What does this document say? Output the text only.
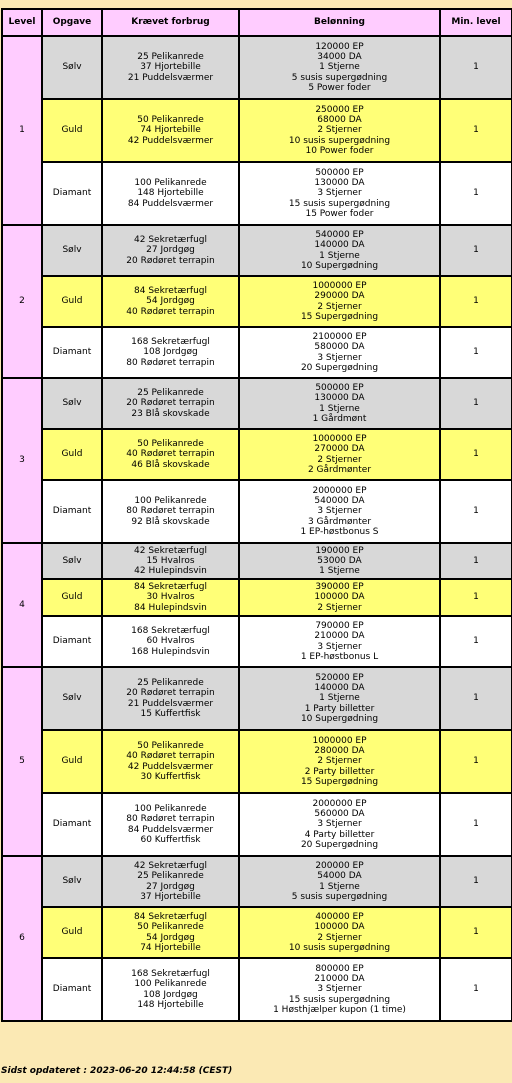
Level	Opgave	Krævet forbrug	Belønning	Min. level
1	Sølv	25 Pelikanrede
37 Hjortebille
21 Puddelsværmer	120000 EP
34000 DA
1 Stjerne
5 susis supergødning
5 Power foder	1
	Guld	50 Pelikanrede
74 Hjortebille
42 Puddelsværmer	250000 EP
68000 DA
2 Stjerner
10 susis supergødning
10 Power foder	1
	Diamant	100 Pelikanrede
148 Hjortebille
84 Puddelsværmer	500000 EP
130000 DA
3 Stjerner
15 susis supergødning
15 Power foder	1
2	Sølv	42 Sekretærfugl
27 Jordgøg
20 Rødøret terrapin	540000 EP
140000 DA
1 Stjerne
10 Supergødning	1
	Guld	84 Sekretærfugl
54 Jordgøg
40 Rødøret terrapin	1000000 EP
290000 DA
2 Stjerner
15 Supergødning	1
	Diamant	168 Sekretærfugl
108 Jordgøg
80 Rødøret terrapin	2100000 EP
580000 DA
3 Stjerner
20 Supergødning	1
3	Sølv	25 Pelikanrede
20 Rødøret terrapin
23 Blå skovskade	500000 EP
130000 DA
1 Stjerne
1 Gårdmønt	1
	Guld	50 Pelikanrede
40 Rødøret terrapin
46 Blå skovskade	1000000 EP
270000 DA
2 Stjerner
2 Gårdmønter	1
	Diamant	100 Pelikanrede
80 Rødøret terrapin
92 Blå skovskade	2000000 EP
540000 DA
3 Stjerner
3 Gårdmønter
1 EP-høstbonus S	1
4	Sølv	42 Sekretærfugl
15 Hvalros
42 Hulepindsvin	190000 EP
53000 DA
1 Stjerne	1
	Guld	84 Sekretærfugl
30 Hvalros
84 Hulepindsvin	390000 EP
100000 DA
2 Stjerner	1
	Diamant	168 Sekretærfugl
60 Hvalros
168 Hulepindsvin	790000 EP
210000 DA
3 Stjerner
1 EP-høstbonus L	1
5	Sølv	25 Pelikanrede
20 Rødøret terrapin
21 Puddelsværmer
15 Kuffertfisk	520000 EP
140000 DA
1 Stjerne
1 Party billetter
10 Supergødning	1
	Guld	50 Pelikanrede
40 Rødøret terrapin
42 Puddelsværmer
30 Kuffertfisk	1000000 EP
280000 DA
2 Stjerner
2 Party billetter
15 Supergødning	1
	Diamant	100 Pelikanrede
80 Rødøret terrapin
84 Puddelsværmer
60 Kuffertfisk	2000000 EP
560000 DA
3 Stjerner
4 Party billetter
20 Supergødning	1
6	Sølv	42 Sekretærfugl
25 Pelikanrede
27 Jordgøg
37 Hjortebille	200000 EP
54000 DA
1 Stjerne
5 susis supergødning	1
	Guld	84 Sekretærfugl
50 Pelikanrede
54 Jordgøg
74 Hjortebille	400000 EP
100000 DA
2 Stjerner
10 susis supergødning	1
	Diamant	168 Sekretærfugl
100 Pelikanrede
108 Jordgøg
148 Hjortebille	800000 EP
210000 DA
3 Stjerner
15 susis supergødning
1 Høsthjælper kupon (1 time)	1
Sidst opdateret : 2023-06-20 12:44:58 (CEST)
